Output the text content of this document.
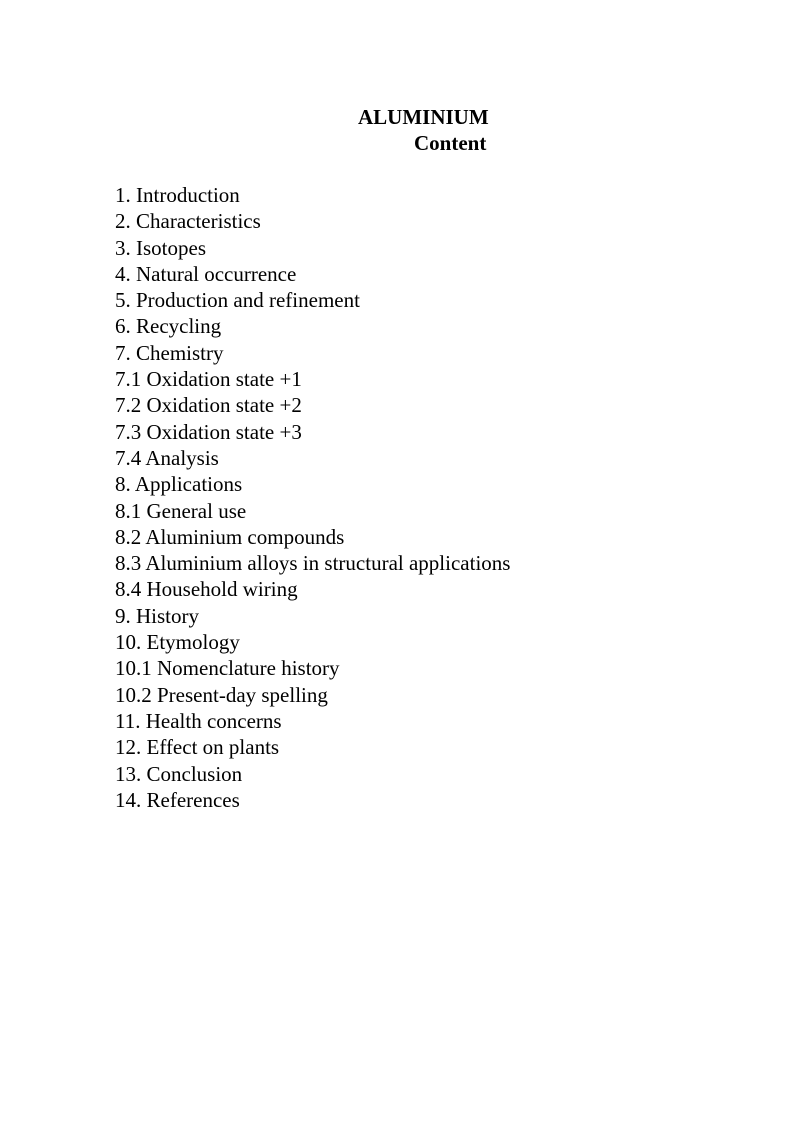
ALUMINIUM
Content
1. Introduction
2. Characteristics
3. Isotopes
4. Natural occurrence
5. Production and refinement
6. Recycling
7. Chemistry
7.1 Oxidation state +1
7.2 Oxidation state +2
7.3 Oxidation state +3
7.4 Analysis
8. Applications
8.1 General use
8.2 Aluminium compounds
8.3 Aluminium alloys in structural applications
8.4 Household wiring
9. History
10. Etymology
10.1 Nomenclature history
10.2 Present-day spelling
11. Health concerns
12. Effect on plants
13. Conclusion
14. References
